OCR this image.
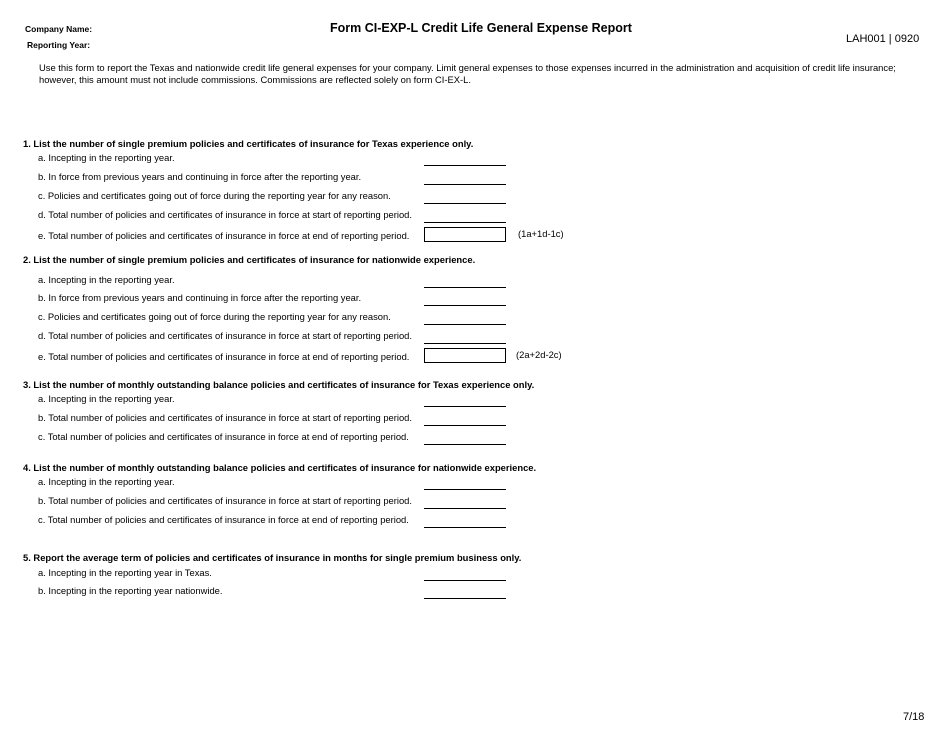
Company Name:
Reporting Year:
Form CI-EXP-L Credit Life General Expense Report
LAH001 | 0920
Use this form to report the Texas and nationwide credit life general expenses for your company. Limit general expenses to those expenses incurred in the administration and acquisition of credit life insurance; however, this amount must not include commissions. Commissions are reflected solely on form CI-EX-L.
1. List the number of single premium policies and certificates of insurance for Texas experience only.
a. Incepting in the reporting year.
b. In force from previous years and continuing in force after the reporting year.
c. Policies and certificates going out of force during the reporting year for any reason.
d. Total number of policies and certificates of insurance in force at start of reporting period.
e. Total number of policies and certificates of insurance in force at end of reporting period.	(1a+1d-1c)
2. List the number of single premium policies and certificates of insurance for nationwide experience.
a. Incepting in the reporting year.
b. In force from previous years and continuing in force after the reporting year.
c. Policies and certificates going out of force during the reporting year for any reason.
d. Total number of policies and certificates of insurance in force at start of reporting period.
e. Total number of policies and certificates of insurance in force at end of reporting period.	(2a+2d-2c)
3. List the number of monthly outstanding balance policies and certificates of insurance for Texas experience only.
a. Incepting in the reporting year.
b. Total number of policies and certificates of insurance in force at start of reporting period.
c. Total number of policies and certificates of insurance in force at end of reporting period.
4. List the number of monthly outstanding balance policies and certificates of insurance for nationwide experience.
a. Incepting in the reporting year.
b. Total number of policies and certificates of insurance in force at start of reporting period.
c. Total number of policies and certificates of insurance in force at end of reporting period.
5. Report the average term of policies and certificates of insurance in months for single premium business only.
a. Incepting in the reporting year in Texas.
b. Incepting in the reporting year nationwide.
7/18
